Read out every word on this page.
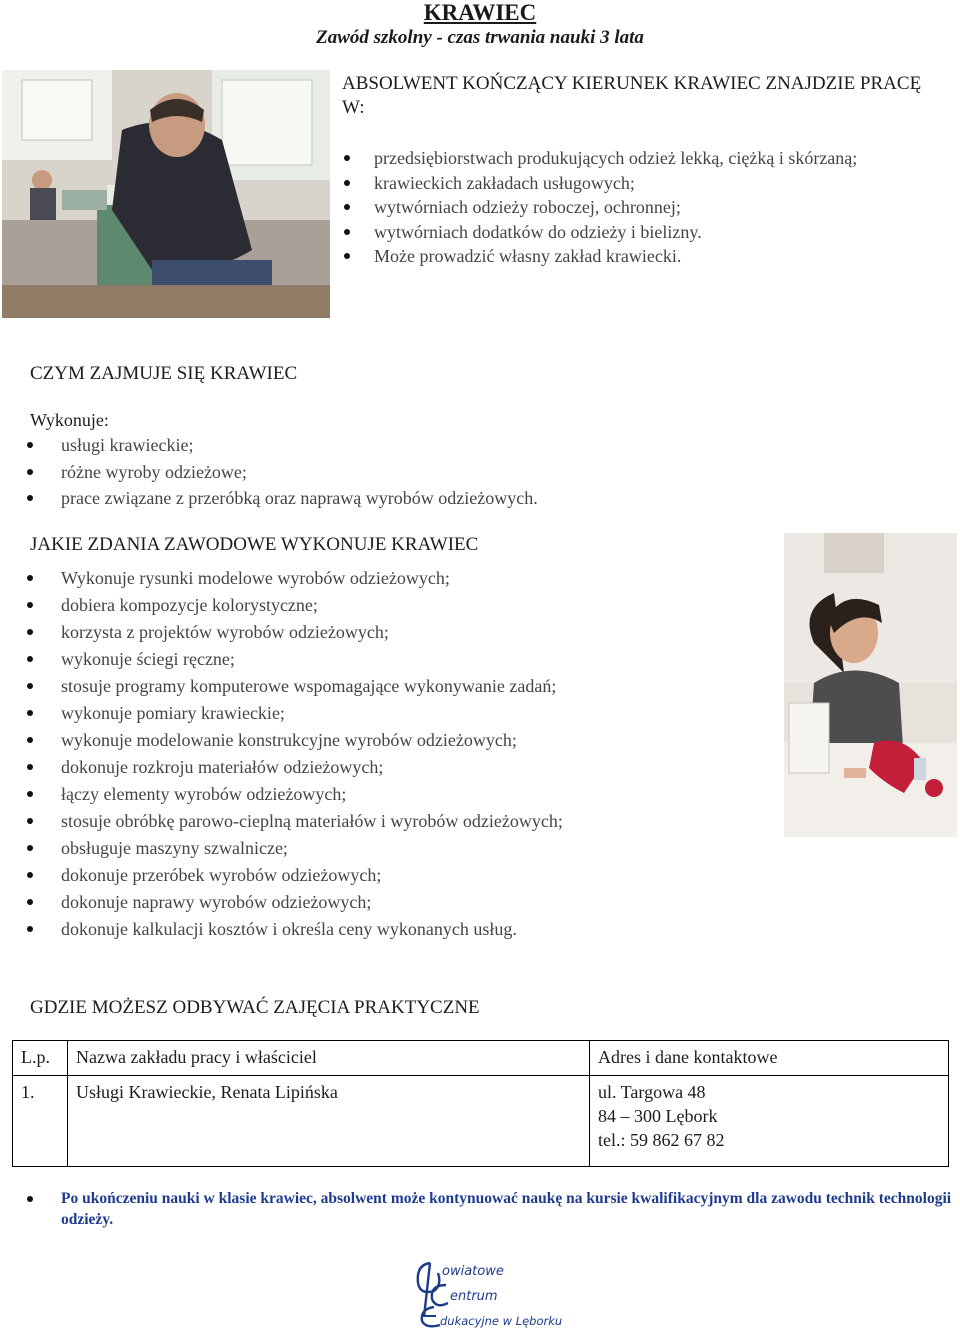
KRAWIEC
Zawód szkolny - czas trwania nauki 3 lata
ABSOLWENT KOŃCZĄCY KIERUNEK KRAWIEC ZNAJDZIE PRACĘ W:
przedsiębiorstwach produkujących odzież lekką, ciężką i skórzaną;
krawieckich zakładach usługowych;
wytwórniach odzieży roboczej, ochronnej;
wytwórniach dodatków do odzieży i bielizny.
Może prowadzić własny zakład krawiecki.
CZYM ZAJMUJE SIĘ KRAWIEC
Wykonuje:
usługi krawieckie;
różne wyroby odzieżowe;
prace związane z przeróbką oraz naprawą wyrobów odzieżowych.
JAKIE ZDANIA ZAWODOWE WYKONUJE KRAWIEC
Wykonuje rysunki modelowe wyrobów odzieżowych;
dobiera kompozycje kolorystyczne;
korzysta z projektów wyrobów odzieżowych;
wykonuje ściegi ręczne;
stosuje programy komputerowe wspomagające wykonywanie zadań;
wykonuje pomiary krawieckie;
wykonuje modelowanie konstrukcyjne wyrobów odzieżowych;
dokonuje rozkroju materiałów odzieżowych;
łączy elementy wyrobów odzieżowych;
stosuje obróbkę parowo-cieplną materiałów i wyrobów odzieżowych;
obsługuje maszyny szwalnicze;
dokonuje przeróbek wyrobów odzieżowych;
dokonuje naprawy wyrobów odzieżowych;
dokonuje kalkulacji kosztów i określa ceny wykonanych usług.
GDZIE MOŻESZ ODBYWAĆ ZAJĘCIA PRAKTYCZNE
L.p.	Nazwa zakładu pracy i właściciel	Adres i dane kontaktowe
1.	Usługi Krawieckie, Renata Lipińska	ul. Targowa 48
84 – 300 Lębork
tel.: 59 862 67 82
Po ukończeniu nauki w klasie krawiec, absolwent może kontynuować naukę na kursie kwalifikacyjnym dla zawodu technik technologii odzieży.
owiatowe
entrum
dukacyjne w Lęborku
